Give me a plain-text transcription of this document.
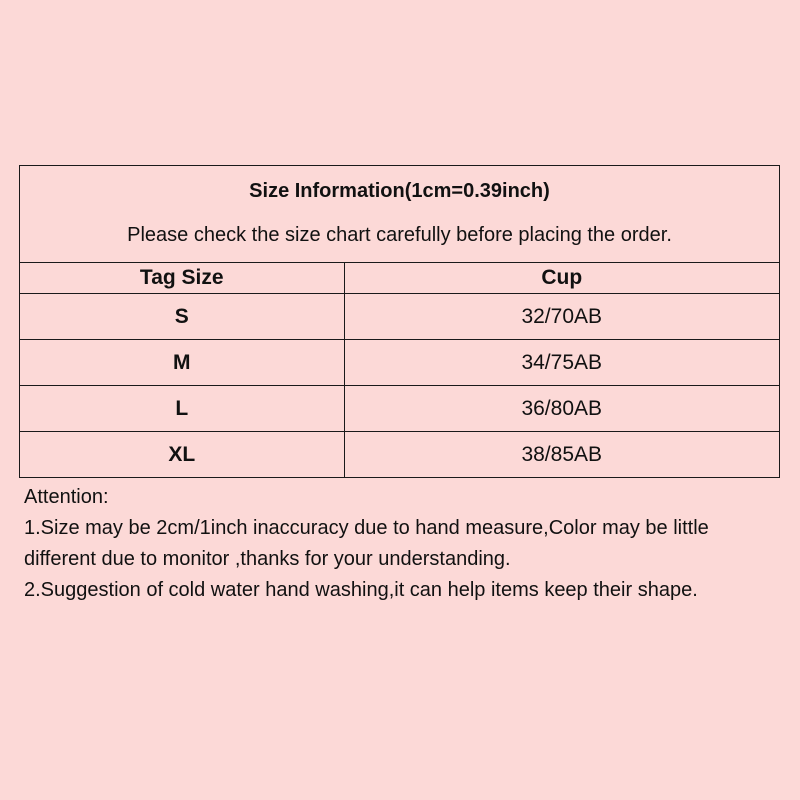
Size Information(1cm=0.39inch)
Please check the size chart carefully before placing the order.
Tag Size	Cup
S	32/70AB
M	34/75AB
L	36/80AB
XL	38/85AB

Attention:

1.Size may be 2cm/1inch inaccuracy due to hand measure,Color may be little different due to monitor ,thanks for your understanding.

2.Suggestion of cold water hand washing,it can help items keep their shape.
